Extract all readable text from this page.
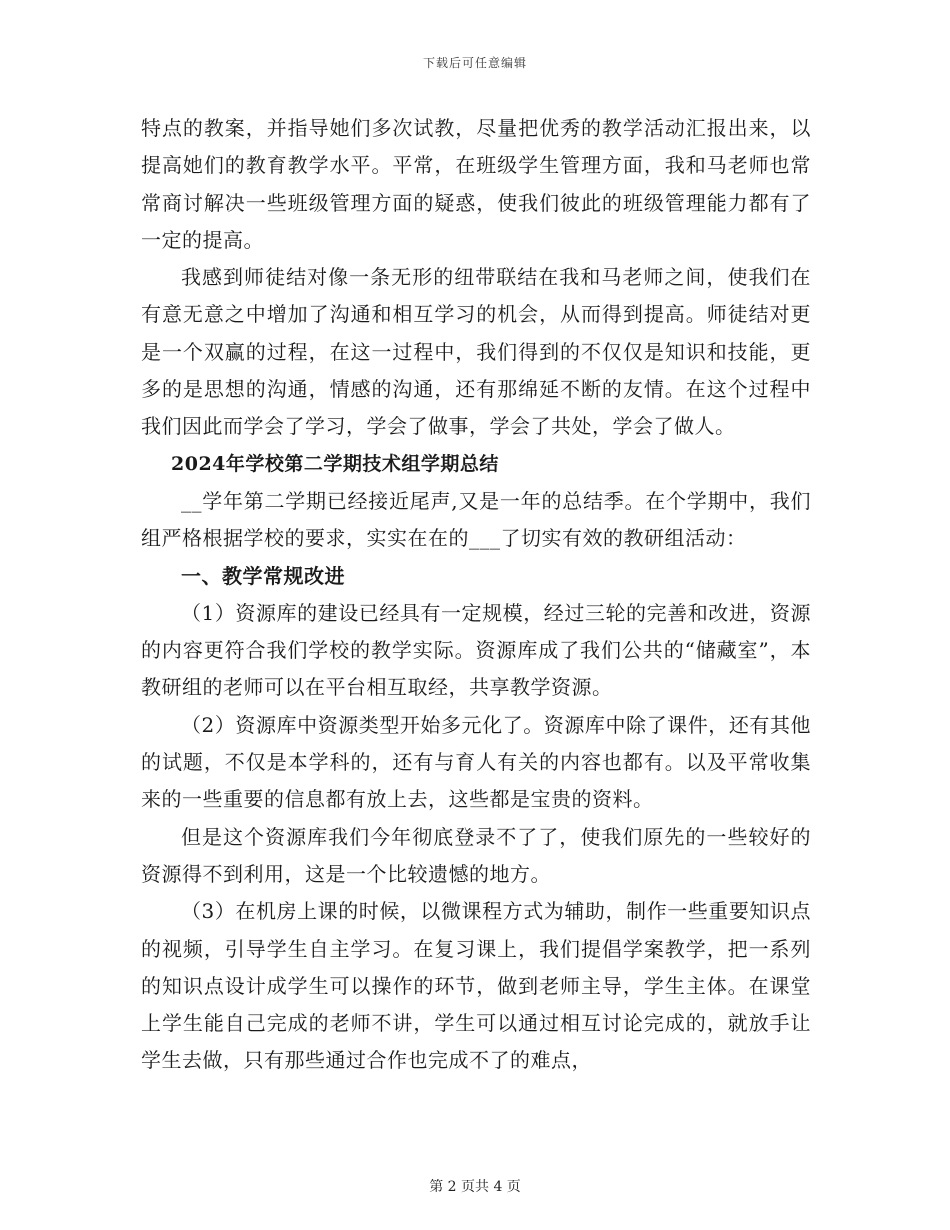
下载后可任意编辑

特点的教案，并指导她们多次试教，尽量把优秀的教学活动汇报出来，以提高她们的教育教学水平。平常，在班级学生管理方面，我和马老师也常常商讨解决一些班级管理方面的疑惑，使我们彼此的班级管理能力都有了一定的提高。

我感到师徒结对像一条无形的纽带联结在我和马老师之间，使我们在有意无意之中增加了沟通和相互学习的机会，从而得到提高。师徒结对更是一个双赢的过程，在这一过程中，我们得到的不仅仅是知识和技能，更多的是思想的沟通，情感的沟通，还有那绵延不断的友情。在这个过程中我们因此而学会了学习，学会了做事，学会了共处，学会了做人。

2024年学校第二学期技术组学期总结

__学年第二学期已经接近尾声,又是一年的总结季。在个学期中，我们组严格根据学校的要求，实实在在的___了切实有效的教研组活动：

一、教学常规改进

（1）资源库的建设已经具有一定规模，经过三轮的完善和改进，资源的内容更符合我们学校的教学实际。资源库成了我们公共的“储藏室”，本教研组的老师可以在平台相互取经，共享教学资源。

（2）资源库中资源类型开始多元化了。资源库中除了课件，还有其他的试题，不仅是本学科的，还有与育人有关的内容也都有。以及平常收集来的一些重要的信息都有放上去，这些都是宝贵的资料。

但是这个资源库我们今年彻底登录不了了，使我们原先的一些较好的资源得不到利用，这是一个比较遗憾的地方。

（3）在机房上课的时候，以微课程方式为辅助，制作一些重要知识点的视频，引导学生自主学习。在复习课上，我们提倡学案教学，把一系列的知识点设计成学生可以操作的环节，做到老师主导，学生主体。在课堂上学生能自己完成的老师不讲，学生可以通过相互讨论完成的，就放手让学生去做，只有那些通过合作也完成不了的难点，

第 2 页共 4 页
